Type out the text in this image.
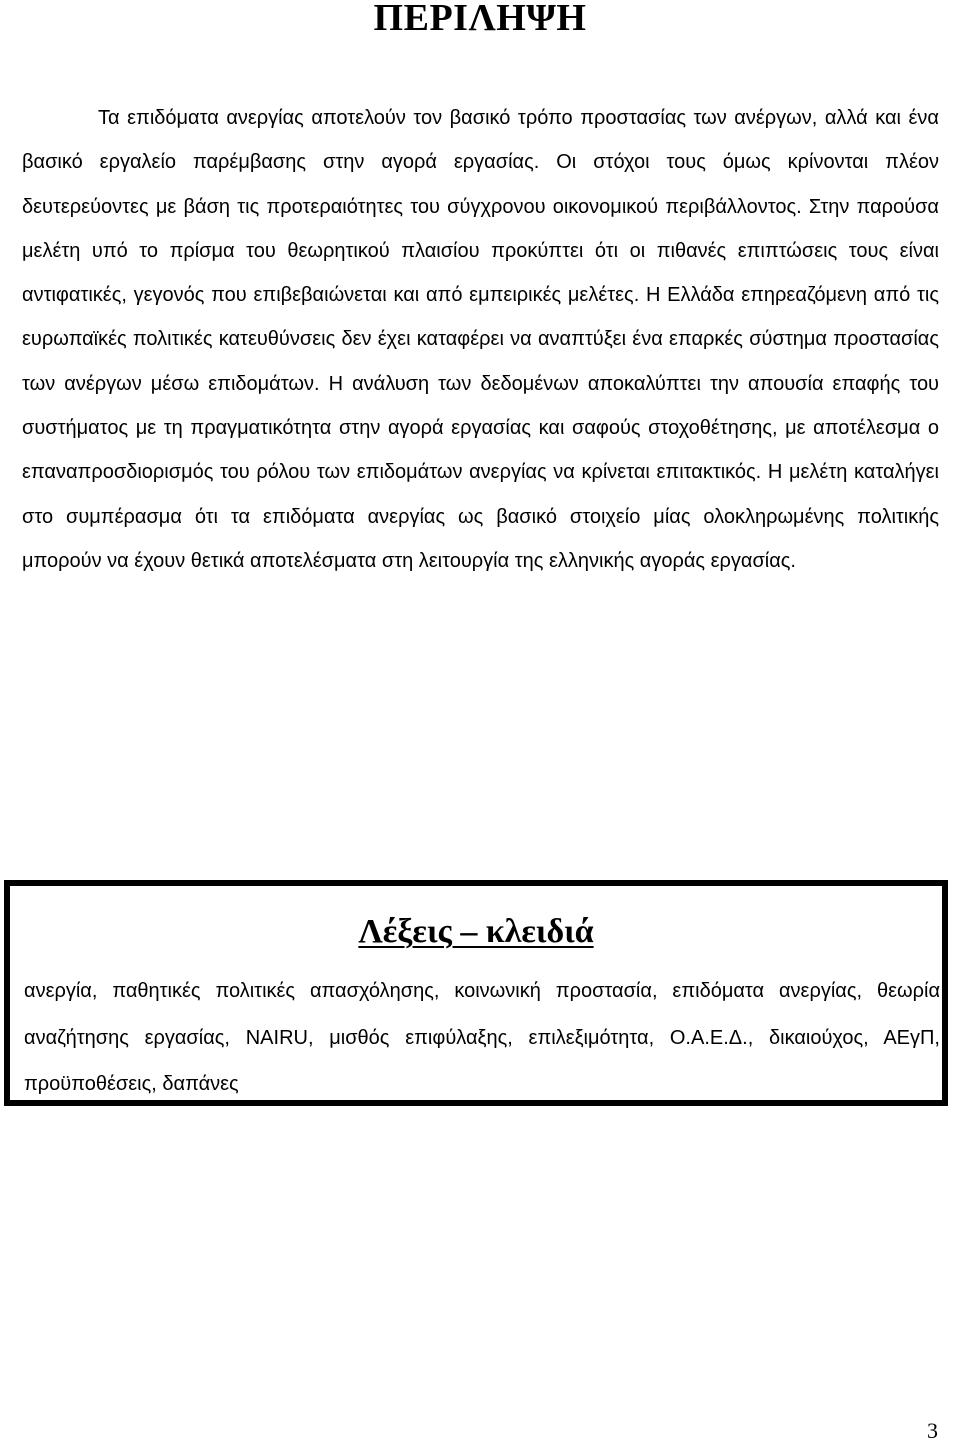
ΠΕΡΙΛΗΨΗ

Τα επιδόματα ανεργίας αποτελούν τον βασικό τρόπο προστασίας των ανέργων, αλλά και ένα βασικό εργαλείο παρέμβασης στην αγορά εργασίας. Οι στόχοι τους όμως κρίνονται πλέον δευτερεύοντες με βάση τις προτεραιότητες του σύγχρονου οικονομικού περιβάλλοντος. Στην παρούσα μελέτη υπό το πρίσμα του θεωρητικού πλαισίου προκύπτει ότι οι πιθανές επιπτώσεις τους είναι αντιφατικές, γεγονός που επιβεβαιώνεται και από εμπειρικές μελέτες. Η Ελλάδα επηρεαζόμενη από τις ευρωπαϊκές πολιτικές κατευθύνσεις δεν έχει καταφέρει να αναπτύξει ένα επαρκές σύστημα προστασίας των ανέργων μέσω επιδομάτων. Η ανάλυση των δεδομένων αποκαλύπτει την απουσία επαφής του συστήματος με τη πραγματικότητα στην αγορά εργασίας και σαφούς στοχοθέτησης, με αποτέλεσμα ο επαναπροσδιορισμός του ρόλου των επιδομάτων ανεργίας να κρίνεται επιτακτικός. Η μελέτη καταλήγει στο συμπέρασμα ότι τα επιδόματα ανεργίας ως βασικό στοιχείο μίας ολοκληρωμένης πολιτικής μπορούν να έχουν θετικά αποτελέσματα στη λειτουργία της ελληνικής αγοράς εργασίας.

Λέξεις – κλειδιά

ανεργία, παθητικές πολιτικές απασχόλησης, κοινωνική προστασία, επιδόματα ανεργίας, θεωρία αναζήτησης εργασίας, NAIRU, μισθός επιφύλαξης, επιλεξιμότητα, Ο.Α.Ε.Δ., δικαιούχος, ΑΕγΠ, προϋποθέσεις, δαπάνες

3
